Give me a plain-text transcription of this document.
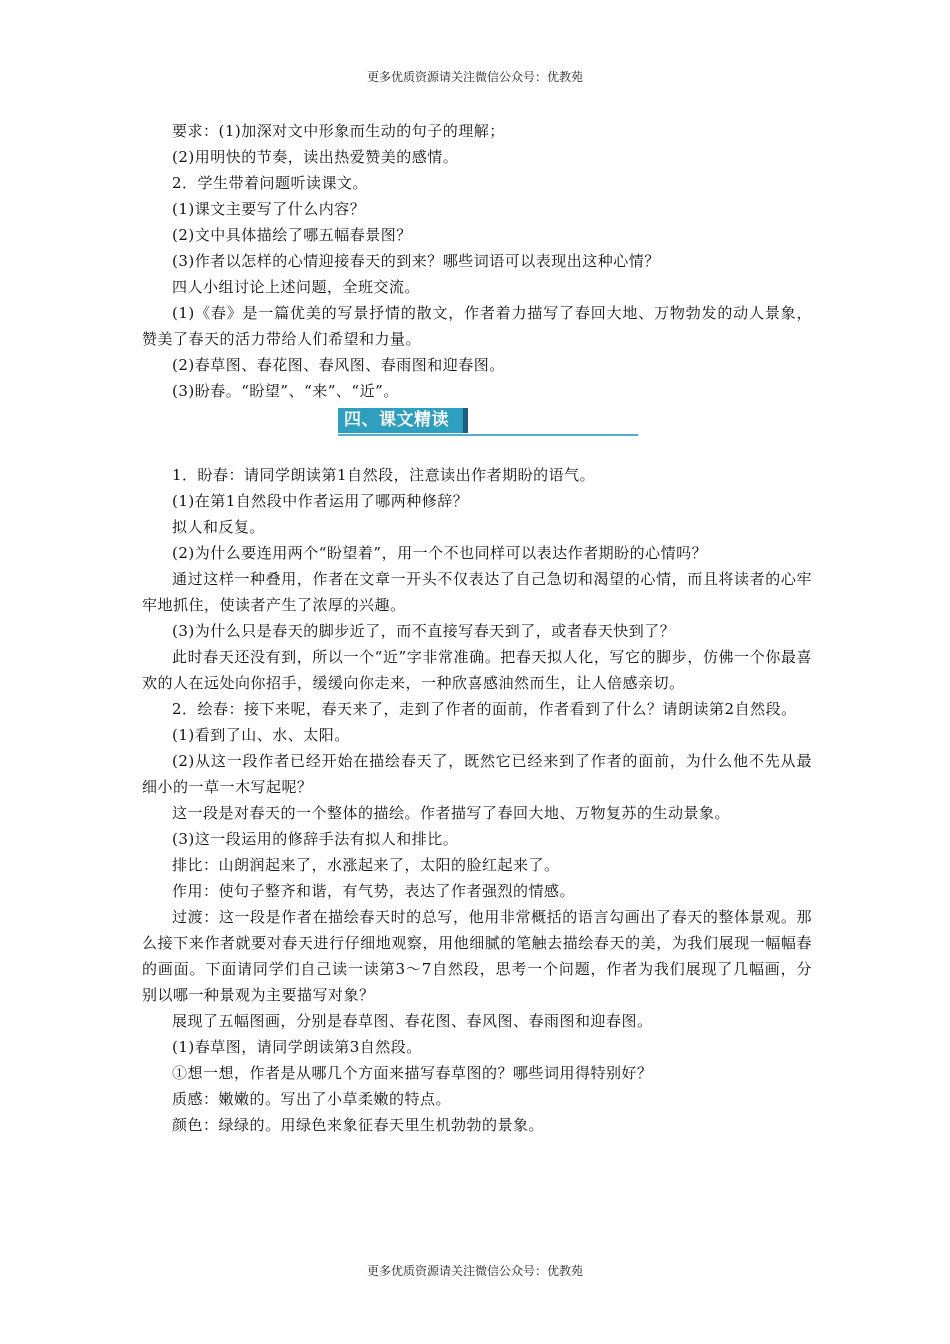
更多优质资源请关注微信公众号：优教苑

要求：(1)加深对文中形象而生动的句子的理解；

(2)用明快的节奏，读出热爱赞美的感情。

2．学生带着问题听读课文。

(1)课文主要写了什么内容？

(2)文中具体描绘了哪五幅春景图？

(3)作者以怎样的心情迎接春天的到来？哪些词语可以表现出这种心情？

四人小组讨论上述问题，全班交流。

(1)《春》是一篇优美的写景抒情的散文，作者着力描写了春回大地、万物勃发的动人景象，赞美了春天的活力带给人们希望和力量。

(2)春草图、春花图、春风图、春雨图和迎春图。

(3)盼春。“盼望”、“来”、“近”。

四、课文精读

1．盼春：请同学朗读第1自然段，注意读出作者期盼的语气。

(1)在第1自然段中作者运用了哪两种修辞？

拟人和反复。

(2)为什么要连用两个“盼望着”，用一个不也同样可以表达作者期盼的心情吗？

通过这样一种叠用，作者在文章一开头不仅表达了自己急切和渴望的心情，而且将读者的心牢牢地抓住，使读者产生了浓厚的兴趣。

(3)为什么只是春天的脚步近了，而不直接写春天到了，或者春天快到了？

此时春天还没有到，所以一个“近”字非常准确。把春天拟人化，写它的脚步，仿佛一个你最喜欢的人在远处向你招手，缓缓向你走来，一种欣喜感油然而生，让人倍感亲切。

2．绘春：接下来呢，春天来了，走到了作者的面前，作者看到了什么？请朗读第2自然段。

(1)看到了山、水、太阳。

(2)从这一段作者已经开始在描绘春天了，既然它已经来到了作者的面前，为什么他不先从最细小的一草一木写起呢？

这一段是对春天的一个整体的描绘。作者描写了春回大地、万物复苏的生动景象。

(3)这一段运用的修辞手法有拟人和排比。

排比：山朗润起来了，水涨起来了，太阳的脸红起来了。

作用：使句子整齐和谐，有气势，表达了作者强烈的情感。

过渡：这一段是作者在描绘春天时的总写，他用非常概括的语言勾画出了春天的整体景观。那么接下来作者就要对春天进行仔细地观察，用他细腻的笔触去描绘春天的美，为我们展现一幅幅春的画面。下面请同学们自己读一读第3～7自然段，思考一个问题，作者为我们展现了几幅画，分别以哪一种景观为主要描写对象？

展现了五幅图画，分别是春草图、春花图、春风图、春雨图和迎春图。

(1)春草图，请同学朗读第3自然段。

①想一想，作者是从哪几个方面来描写春草图的？哪些词用得特别好？

质感：嫩嫩的。写出了小草柔嫩的特点。

颜色：绿绿的。用绿色来象征春天里生机勃勃的景象。

更多优质资源请关注微信公众号：优教苑
